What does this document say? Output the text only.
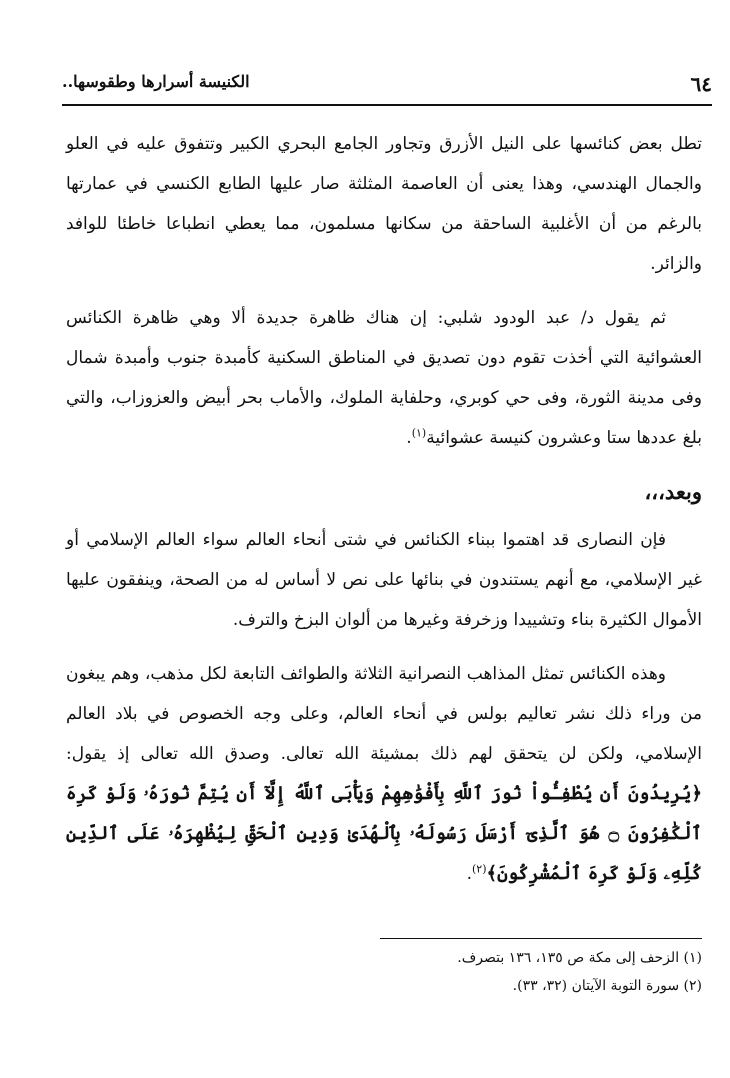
٦٤
الكنيسة أسرارها وطقوسها..

تطل بعض كنائسها على النيل الأزرق وتجاور الجامع البحري الكبير وتتفوق عليه في العلو والجمال الهندسي، وهذا يعنى أن العاصمة المثلثة صار عليها الطابع الكنسي في عمارتها بالرغم من أن الأغلبية الساحقة من سكانها مسلمون، مما يعطي انطباعا خاطئا للوافد والزائر.

ثم يقول د/ عبد الودود شلبي: إن هناك ظاهرة جديدة ألا وهي ظاهرة الكنائس العشوائية التي أخذت تقوم دون تصديق في المناطق السكنية كأمبدة جنوب وأمبدة شمال وفى مدينة الثورة، وفى حي كوبري، وحلفاية الملوك، والأماب بحر أبيض والعزوزاب، والتي بلغ عددها ستا وعشرون كنيسة عشوائية$^{(١)}$.

وبعد،،،

فإن النصارى قد اهتموا ببناء الكنائس في شتى أنحاء العالم سواء العالم الإسلامي أو غير الإسلامي، مع أنهم يستندون في بنائها على نص لا أساس له من الصحة، وينفقون عليها الأموال الكثيرة بناء وتشييدا وزخرفة وغيرها من ألوان البزخ والترف.

وهذه الكنائس تمثل المذاهب النصرانية الثلاثة والطوائف التابعة لكل مذهب، وهم يبغون من وراء ذلك نشر تعاليم بولس في أنحاء العالم، وعلى وجه الخصوص في بلاد العالم الإسلامي، ولكن لن يتحقق لهم ذلك بمشيئة الله تعالى. وصدق الله تعالى إذ يقول:﴿يُرِيدُونَ أَن يُطْفِـُٔواْ نُورَ ٱللَّهِ بِأَفْوَٰهِهِمْ وَيَأْبَى ٱللَّهُ إِلَّآ أَن يُتِمَّ نُورَهُۥ وَلَوْ كَرِهَ ٱلْكَٰفِرُونَ ۝ هُوَ ٱلَّذِىٓ أَرْسَلَ رَسُولَهُۥ بِٱلْهُدَىٰ وَدِينِ ٱلْحَقِّ لِيُظْهِرَهُۥ عَلَى ٱلدِّينِ كُلِّهِۦ وَلَوْ كَرِهَ ٱلْمُشْرِكُونَ﴾$^{(٢)}$.

(١) الزحف إلى مكة ص ١٣٥، ١٣٦ بتصرف.

(٢) سورة التوبة الآيتان (٣٢، ٣٣).
